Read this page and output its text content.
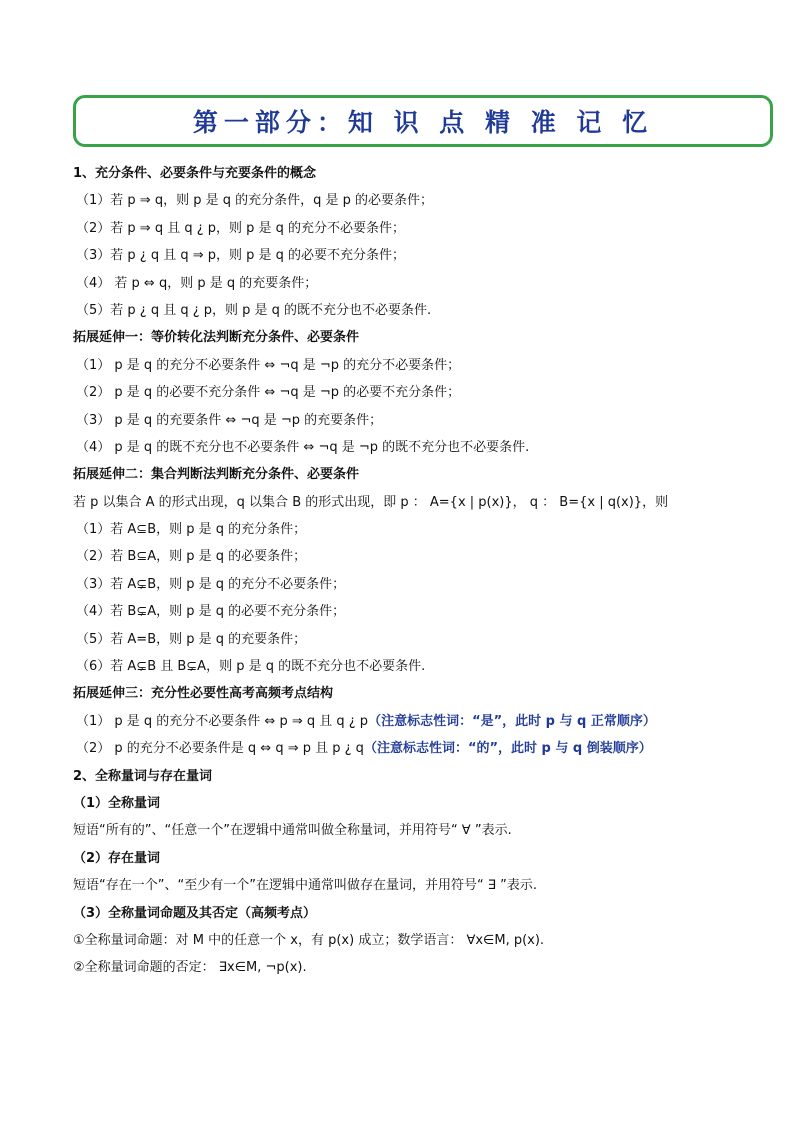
第一部分：知 识 点 精 准 记 忆
1、充分条件、必要条件与充要条件的概念
（1）若 p ⇒ q，则 p 是 q 的充分条件，q 是 p 的必要条件；
（2）若 p ⇒ q 且 q ¿ p，则 p 是 q 的充分不必要条件；
（3）若 p ¿ q 且 q ⇒ p，则 p 是 q 的必要不充分条件；
（4） 若 p ⇔ q，则 p 是 q 的充要条件；
（5）若 p ¿ q 且 q ¿ p，则 p 是 q 的既不充分也不必要条件.
拓展延伸一：等价转化法判断充分条件、必要条件
（1） p 是 q 的充分不必要条件 ⇔ ¬q 是 ¬p 的充分不必要条件；
（2） p 是 q 的必要不充分条件 ⇔ ¬q 是 ¬p 的必要不充分条件；
（3） p 是 q 的充要条件 ⇔ ¬q 是 ¬p 的充要条件；
（4） p 是 q 的既不充分也不必要条件 ⇔ ¬q 是 ¬p 的既不充分也不必要条件.
拓展延伸二：集合判断法判断充分条件、必要条件
若 p 以集合 A 的形式出现，q 以集合 B 的形式出现，即 p ： A={x | p(x)}， q ： B={x | q(x)}，则
（1）若 A⊆B，则 p 是 q 的充分条件；
（2）若 B⊆A，则 p 是 q 的必要条件；
（3）若 A⊊B，则 p 是 q 的充分不必要条件；
（4）若 B⊊A，则 p 是 q 的必要不充分条件；
（5）若 A=B，则 p 是 q 的充要条件；
（6）若 A⊊B 且 B⊊A，则 p 是 q 的既不充分也不必要条件.
拓展延伸三：充分性必要性高考高频考点结构
（1） p 是 q 的充分不必要条件 ⇔ p ⇒ q 且 q ¿ p（注意标志性词：“是”，此时 p 与 q 正常顺序）
（2） p 的充分不必要条件是 q ⇔ q ⇒ p 且 p ¿ q（注意标志性词：“的”，此时 p 与 q 倒装顺序）
2、全称量词与存在量词
（1）全称量词
短语“所有的”、“任意一个”在逻辑中通常叫做全称量词，并用符号“ ∀ ”表示.
（2）存在量词
短语“存在一个”、“至少有一个”在逻辑中通常叫做存在量词，并用符号“ ∃ ”表示.
（3）全称量词命题及其否定（高频考点）
①全称量词命题：对 M 中的任意一个 x，有 p(x) 成立；数学语言： ∀x∈M, p(x).
②全称量词命题的否定： ∃x∈M, ¬p(x).
